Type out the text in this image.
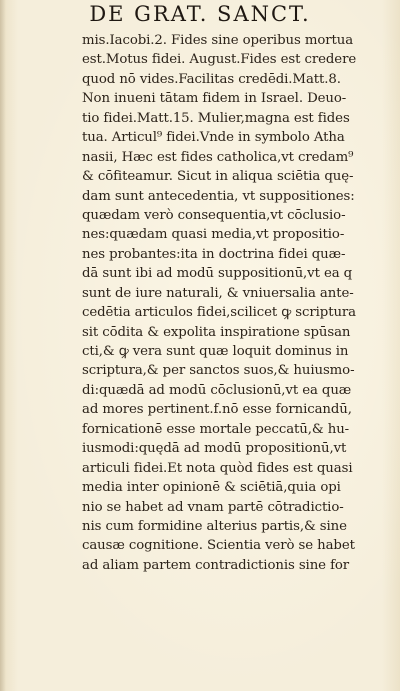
DE GRAT. SANCT.
mis.Iacobi.2. Fides sine operibus mortua
est.Motus fidei. August.Fides est credere
quod nō vides.Facilitas credēdi.Matt.8.
Non inueni tātam fidem in Israel. Deuo-
tio fidei.Matt.15. Mulier,magna est fides
tua. Articul⁹ fidei.Vnde in symbolo Atha
nasii, Hæc est fides catholica,vt credam⁹
& cōfiteamur. Sicut in aliqua sciētia quę-
dam sunt antecedentia, vt suppositiones:
quædam verò consequentia,vt cōclusio-
nes:quædam quasi media,vt propositio-
nes probantes:ita in doctrina fidei quæ-
dā sunt ibi ad modū suppositionū,vt ea q
sunt de iure naturali, & vniuersalia ante-
cedētia articulos fidei,scilicet ꝙ scriptura
sit cōdita & expolita inspiratione spūsan
cti,& ꝙ vera sunt quæ loquit dominus in
scriptura,& per sanctos suos,& huiusmo-
di:quædā ad modū cōclusionū,vt ea quæ
ad mores pertinent.f.nō esse fornicandū,
fornicationē esse mortale peccatū,& hu-
iusmodi:quędā ad modū propositionū,vt
articuli fidei.Et nota quòd fides est quasi
media inter opinionē & sciētiā,quia opi
nio se habet ad vnam partē cōtradictio-
nis cum formidine alterius partis,& sine
causæ cognitione. Scientia verò se habet
ad aliam partem contradictionis sine for
